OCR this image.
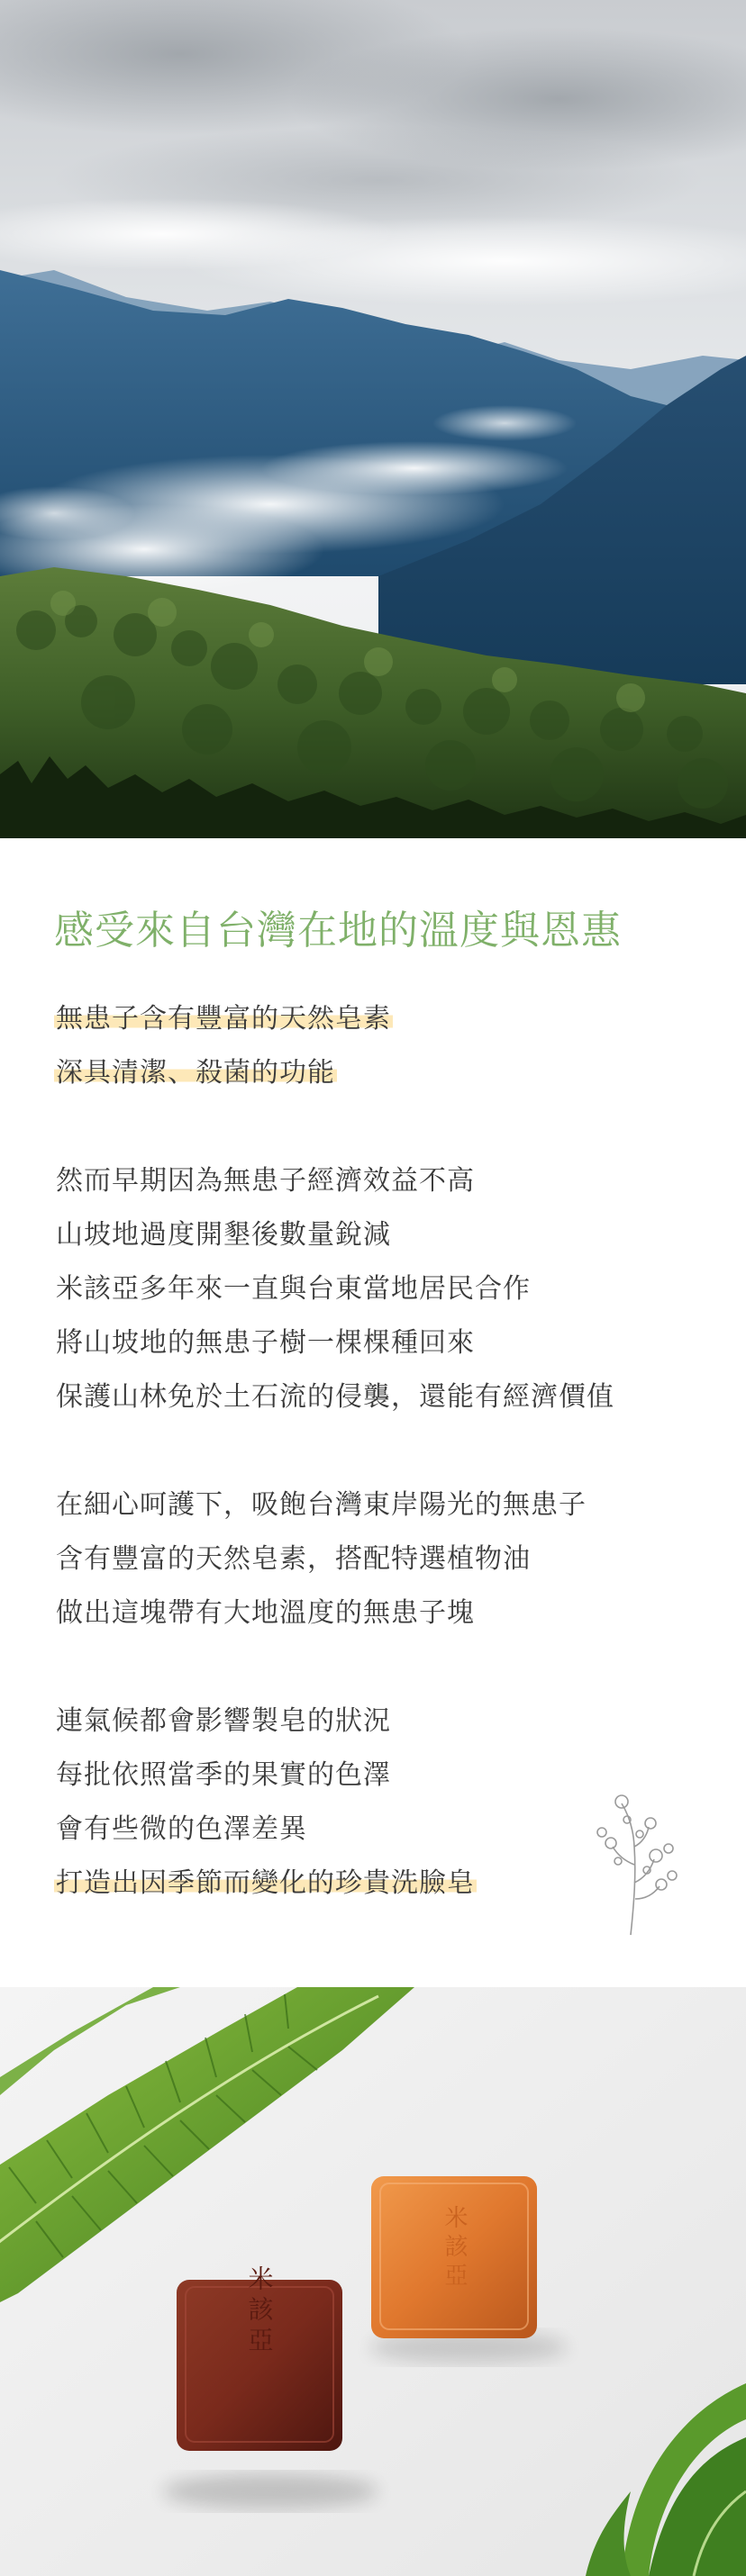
感受來自台灣在地的溫度與恩惠
無患子含有豐富的天然皂素
深具清潔、殺菌的功能
然而早期因為無患子經濟效益不高
山坡地過度開墾後數量銳減
米該亞多年來一直與台東當地居民合作
將山坡地的無患子樹一棵棵種回來
保護山林免於土石流的侵襲，還能有經濟價值
在細心呵護下，吸飽台灣東岸陽光的無患子
含有豐富的天然皂素，搭配特選植物油
做出這塊帶有大地溫度的無患子塊
連氣候都會影響製皂的狀況
每批依照當季的果實的色澤
會有些微的色澤差異
打造出因季節而變化的珍貴洗臉皂
米該亞
米該亞
